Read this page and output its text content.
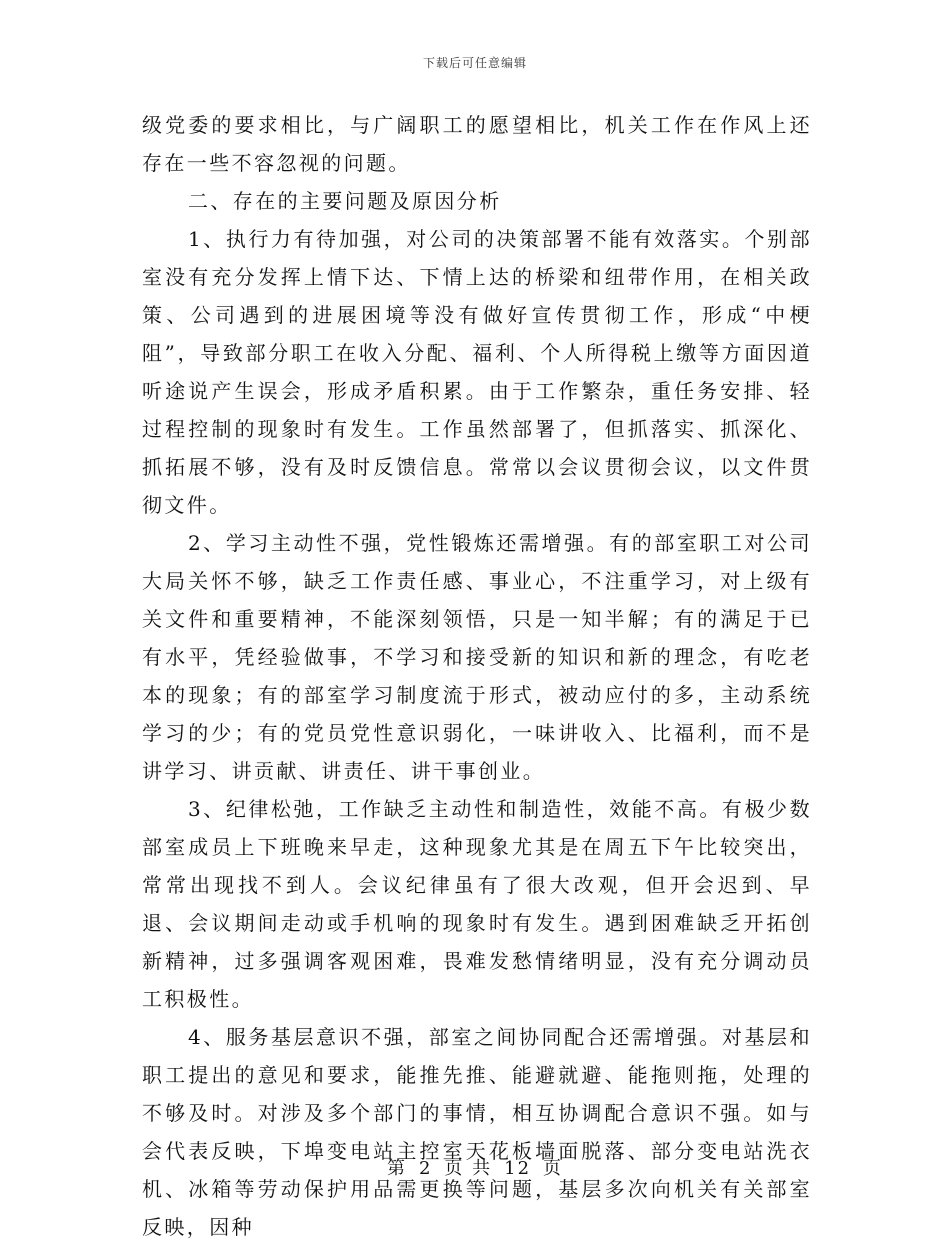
下载后可任意编辑

级党委的要求相比，与广阔职工的愿望相比，机关工作在作风上还存在一些不容忽视的问题。

二、存在的主要问题及原因分析

1、执行力有待加强，对公司的决策部署不能有效落实。个别部室没有充分发挥上情下达、下情上达的桥梁和纽带作用，在相关政策、公司遇到的进展困境等没有做好宣传贯彻工作，形成“中梗阻”，导致部分职工在收入分配、福利、个人所得税上缴等方面因道听途说产生误会，形成矛盾积累。由于工作繁杂，重任务安排、轻过程控制的现象时有发生。工作虽然部署了，但抓落实、抓深化、抓拓展不够，没有及时反馈信息。常常以会议贯彻会议，以文件贯彻文件。

2、学习主动性不强，党性锻炼还需增强。有的部室职工对公司大局关怀不够，缺乏工作责任感、事业心，不注重学习，对上级有关文件和重要精神，不能深刻领悟，只是一知半解；有的满足于已有水平，凭经验做事，不学习和接受新的知识和新的理念，有吃老本的现象；有的部室学习制度流于形式，被动应付的多，主动系统学习的少；有的党员党性意识弱化，一味讲收入、比福利，而不是讲学习、讲贡献、讲责任、讲干事创业。

3、纪律松弛，工作缺乏主动性和制造性，效能不高。有极少数部室成员上下班晚来早走，这种现象尤其是在周五下午比较突出，常常出现找不到人。会议纪律虽有了很大改观，但开会迟到、早退、会议期间走动或手机响的现象时有发生。遇到困难缺乏开拓创新精神，过多强调客观困难，畏难发愁情绪明显，没有充分调动员工积极性。

4、服务基层意识不强，部室之间协同配合还需增强。对基层和职工提出的意见和要求，能推先推、能避就避、能拖则拖，处理的不够及时。对涉及多个部门的事情，相互协调配合意识不强。如与会代表反映，下埠变电站主控室天花板墙面脱落、部分变电站洗衣机、冰箱等劳动保护用品需更换等问题，基层多次向机关有关部室反映，因种

第 2 页 共 12 页
